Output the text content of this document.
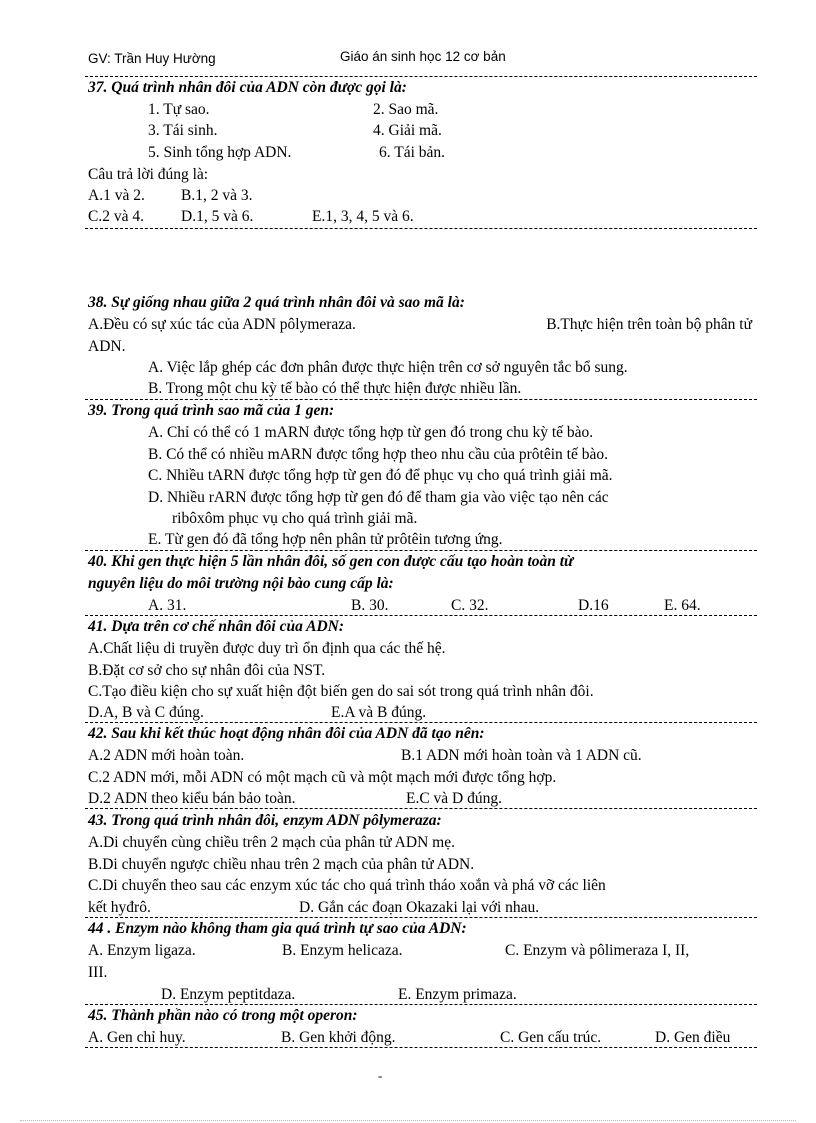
GV: Trần Huy Hường	Giáo án sinh học 12 cơ bản
37. Quá trình nhân đôi của ADN còn được gọi là:
1. Tự sao.	2. Sao mã.
3. Tái sinh.	4. Giải mã.
5. Sinh tổng hợp ADN.	6. Tái bản.
Câu trả lời đúng là:
A.1 và 2. B.1, 2 và 3.
C.2 và 4. D.1, 5 và 6.	E.1, 3, 4, 5 và 6.
38. Sự giống nhau giữa 2 quá trình nhân đôi và sao mã là:
A.Đều có sự xúc tác của ADN pôlymeraza.	B.Thực hiện trên toàn bộ phân tử
ADN.
A. Việc lắp ghép các đơn phân được thực hiện trên cơ sở nguyên tắc bổ sung.
B. Trong một chu kỳ tế bào có thể thực hiện được nhiều lần.
39. Trong quá trình sao mã của 1 gen:
A. Chỉ có thể có 1 mARN được tổng hợp từ gen đó trong chu kỳ tế bào.
B. Có thể có nhiều mARN được tổng hợp theo nhu cầu của prôtêin tế bào.
C. Nhiều tARN được tổng hợp từ gen đó để phục vụ cho quá trình giải mã.
D. Nhiều rARN được tổng hợp từ gen đó để tham gia vào việc tạo nên các
ribôxôm phục vụ cho quá trình giải mã.
E. Từ gen đó đã tổng hợp nên phân tử prôtêin tương ứng.
40. Khi gen thực hiện 5 lần nhân đôi, số gen con được cấu tạo hoàn toàn từ
nguyên liệu do môi trường nội bào cung cấp là:
A. 31.	B. 30.	C. 32.	D.16	E. 64.
41. Dựa trên cơ chế nhân đôi của ADN:
A.Chất liệu di truyền được duy trì ổn định qua các thế hệ.
B.Đặt cơ sở cho sự nhân đôi của NST.
C.Tạo điều kiện cho sự xuất hiện đột biến gen do sai sót trong quá trình nhân đôi.
D.A, B và C đúng.	E.A và B đúng.
42. Sau khi kết thúc hoạt động nhân đôi của ADN đã tạo nên:
A.2 ADN mới hoàn toàn.	B.1 ADN mới hoàn toàn và 1 ADN cũ.
C.2 ADN mới, mỗi ADN có một mạch cũ và một mạch mới được tổng hợp.
D.2 ADN theo kiểu bán bảo toàn.	E.C và D đúng.
43. Trong quá trình nhân đôi, enzym ADN pôlymeraza:
A.Di chuyển cùng chiều trên 2 mạch của phân tử ADN mẹ.
B.Di chuyển ngược chiều nhau trên 2 mạch của phân tử ADN.
C.Di chuyển theo sau các enzym xúc tác cho quá trình tháo xoắn và phá vỡ các liên
kết hyđrô.	D. Gắn các đoạn Okazaki lại với nhau.
44 . Enzym nào không tham gia quá trình tự sao của ADN:
A. Enzym ligaza.	B. Enzym helicaza.	C. Enzym và pôlimeraza I, II,
III.
D. Enzym peptitdaza.	E. Enzym primaza.
45. Thành phần nào có trong một operon:
A. Gen chỉ huy.	B. Gen khởi động.	C. Gen cấu trúc.	D. Gen điều
-
